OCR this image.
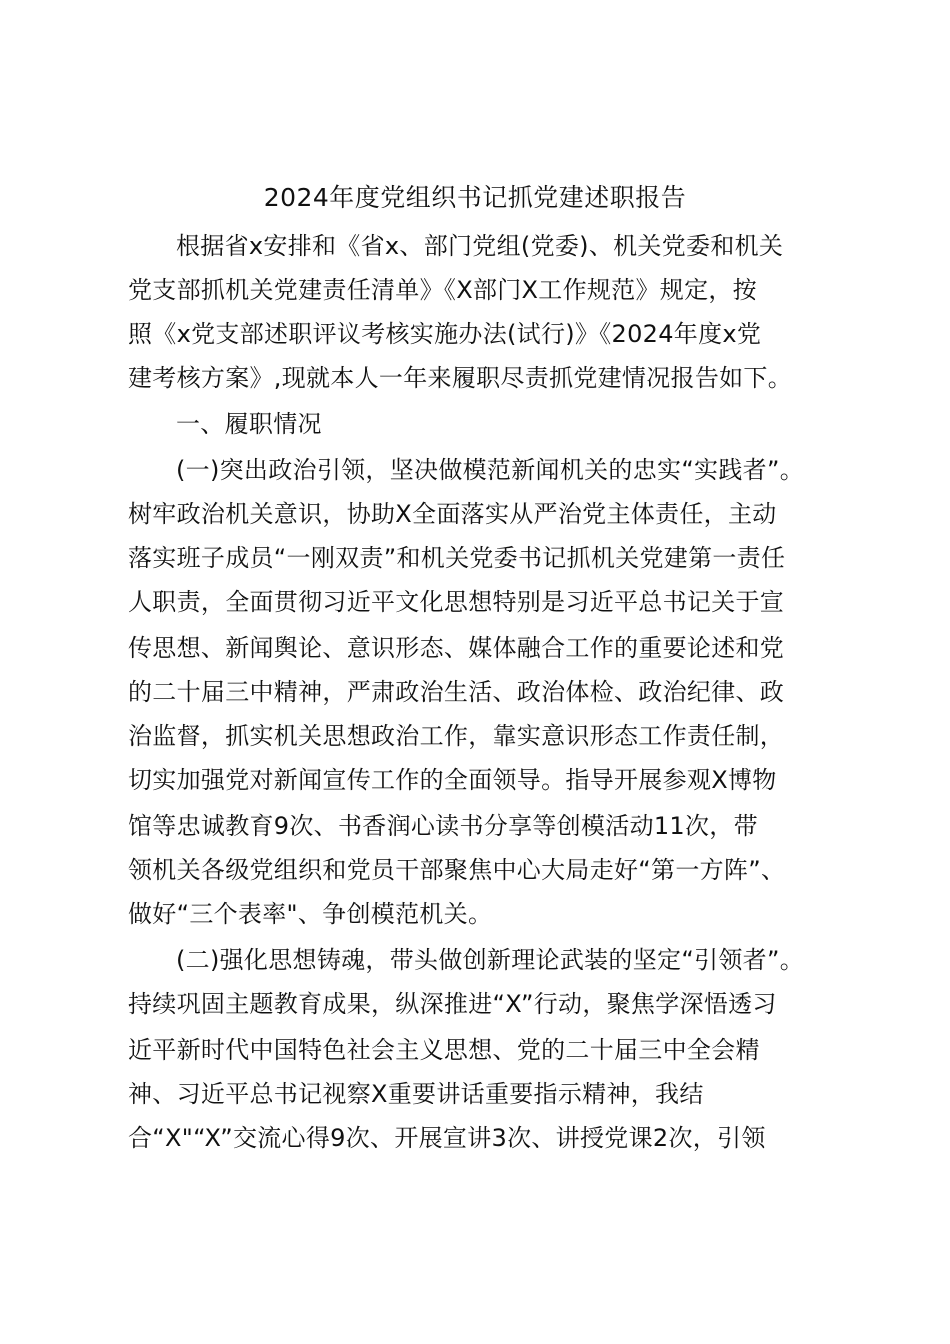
2024年度党组织书记抓党建述职报告
根据省x安排和《省x、部门党组(党委)、机关党委和机关
党支部抓机关党建责任清单》《X部门X工作规范》规定，按
照《x党支部述职评议考核实施办法(试行)》《2024年度x党
建考核方案》,现就本人一年来履职尽责抓党建情况报告如下。
一、履职情况
(一)突出政治引领，坚决做模范新闻机关的忠实“实践者”。
树牢政治机关意识，协助X全面落实从严治党主体责任，主动
落实班子成员“一刚双责”和机关党委书记抓机关党建第一责任
人职责，全面贯彻习近平文化思想特别是习近平总书记关于宣
传思想、新闻舆论、意识形态、媒体融合工作的重要论述和党
的二十届三中精神，严肃政治生活、政治体检、政治纪律、政
治监督，抓实机关思想政治工作，靠实意识形态工作责任制，
切实加强党对新闻宣传工作的全面领导。指导开展参观X博物
馆等忠诚教育9次、书香润心读书分享等创模活动11次，带
领机关各级党组织和党员干部聚焦中心大局走好“第一方阵”、
做好“三个表率"、争创模范机关。
(二)强化思想铸魂，带头做创新理论武装的坚定“引领者”。
持续巩固主题教育成果，纵深推进“X”行动，聚焦学深悟透习
近平新时代中国特色社会主义思想、党的二十届三中全会精
神、习近平总书记视察X重要讲话重要指示精神，我结
合“X"“X”交流心得9次、开展宣讲3次、讲授党课2次，引领
